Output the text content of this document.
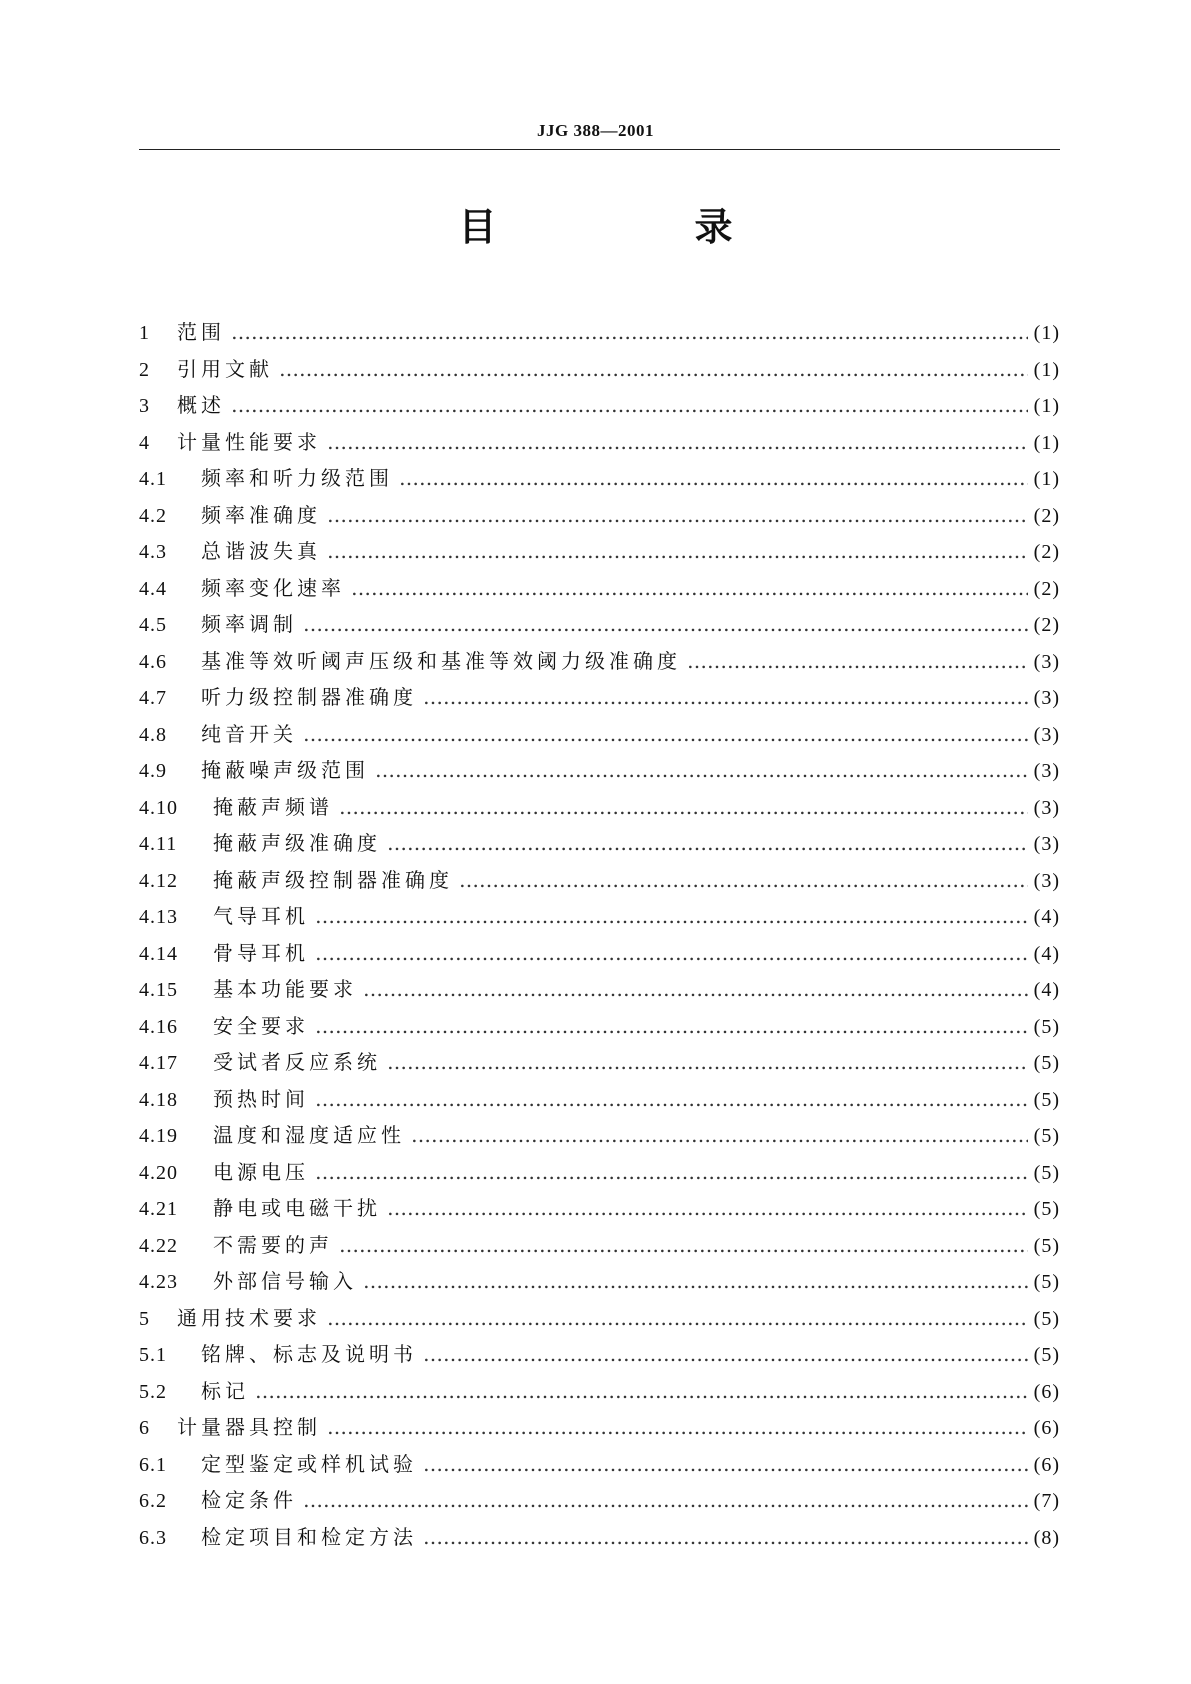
JJG 388—2001
目　录
1	范围 …………………………………………………………………………………………………………………………………………………………………………………………………………………………………………………………	(1)
2	引用文献 …………………………………………………………………………………………………………………………………………………………………………………………………………………………………………………………	(1)
3	概述 …………………………………………………………………………………………………………………………………………………………………………………………………………………………………………………………	(1)
4	计量性能要求 …………………………………………………………………………………………………………………………………………………………………………………………………………………………………………………………	(1)
4.1	频率和听力级范围 …………………………………………………………………………………………………………………………………………………………………………………………………………………………………………………………	(1)
4.2	频率准确度 …………………………………………………………………………………………………………………………………………………………………………………………………………………………………………………………	(2)
4.3	总谐波失真 …………………………………………………………………………………………………………………………………………………………………………………………………………………………………………………………	(2)
4.4	频率变化速率 …………………………………………………………………………………………………………………………………………………………………………………………………………………………………………………………	(2)
4.5	频率调制 …………………………………………………………………………………………………………………………………………………………………………………………………………………………………………………………	(2)
4.6	基准等效听阈声压级和基准等效阈力级准确度 …………………………………………………………………………………………………………………………………………………………………………………………………………………………………………………………	(3)
4.7	听力级控制器准确度 …………………………………………………………………………………………………………………………………………………………………………………………………………………………………………………………	(3)
4.8	纯音开关 …………………………………………………………………………………………………………………………………………………………………………………………………………………………………………………………	(3)
4.9	掩蔽噪声级范围 …………………………………………………………………………………………………………………………………………………………………………………………………………………………………………………………	(3)
4.10	掩蔽声频谱 …………………………………………………………………………………………………………………………………………………………………………………………………………………………………………………………	(3)
4.11	掩蔽声级准确度 …………………………………………………………………………………………………………………………………………………………………………………………………………………………………………………………	(3)
4.12	掩蔽声级控制器准确度 …………………………………………………………………………………………………………………………………………………………………………………………………………………………………………………………	(3)
4.13	气导耳机 …………………………………………………………………………………………………………………………………………………………………………………………………………………………………………………………	(4)
4.14	骨导耳机 …………………………………………………………………………………………………………………………………………………………………………………………………………………………………………………………	(4)
4.15	基本功能要求 …………………………………………………………………………………………………………………………………………………………………………………………………………………………………………………………	(4)
4.16	安全要求 …………………………………………………………………………………………………………………………………………………………………………………………………………………………………………………………	(5)
4.17	受试者反应系统 …………………………………………………………………………………………………………………………………………………………………………………………………………………………………………………………	(5)
4.18	预热时间 …………………………………………………………………………………………………………………………………………………………………………………………………………………………………………………………	(5)
4.19	温度和湿度适应性 …………………………………………………………………………………………………………………………………………………………………………………………………………………………………………………………	(5)
4.20	电源电压 …………………………………………………………………………………………………………………………………………………………………………………………………………………………………………………………	(5)
4.21	静电或电磁干扰 …………………………………………………………………………………………………………………………………………………………………………………………………………………………………………………………	(5)
4.22	不需要的声 …………………………………………………………………………………………………………………………………………………………………………………………………………………………………………………………	(5)
4.23	外部信号输入 …………………………………………………………………………………………………………………………………………………………………………………………………………………………………………………………	(5)
5	通用技术要求 …………………………………………………………………………………………………………………………………………………………………………………………………………………………………………………………	(5)
5.1	铭牌、标志及说明书 …………………………………………………………………………………………………………………………………………………………………………………………………………………………………………………………	(5)
5.2	标记 …………………………………………………………………………………………………………………………………………………………………………………………………………………………………………………………	(6)
6	计量器具控制 …………………………………………………………………………………………………………………………………………………………………………………………………………………………………………………………	(6)
6.1	定型鉴定或样机试验 …………………………………………………………………………………………………………………………………………………………………………………………………………………………………………………………	(6)
6.2	检定条件 …………………………………………………………………………………………………………………………………………………………………………………………………………………………………………………………	(7)
6.3	检定项目和检定方法 …………………………………………………………………………………………………………………………………………………………………………………………………………………………………………………………	(8)
